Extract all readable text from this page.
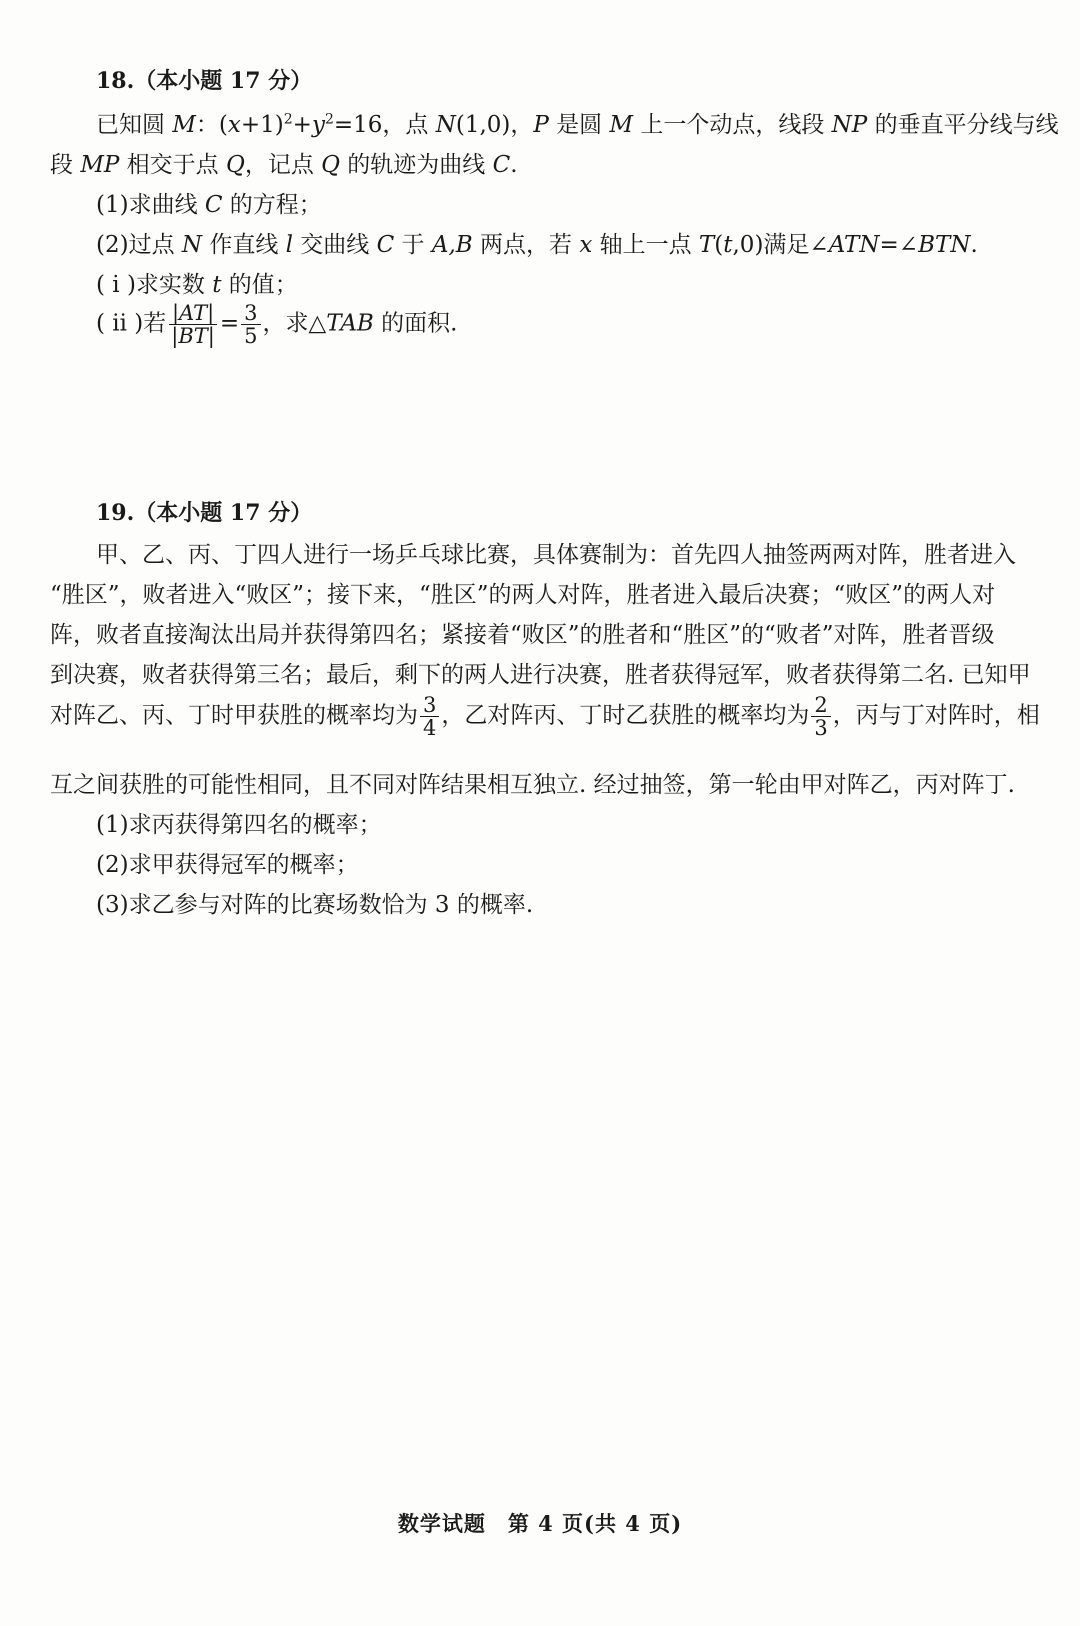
18.（本小题 17 分）
已知圆 M：$(x+1)^2+y^2=16$，点 N(1,0)，P 是圆 M 上一个动点，线段 NP 的垂直平分线与线
段 MP 相交于点 Q，记点 Q 的轨迹为曲线 C.
(1)求曲线 C 的方程；
(2)过点 N 作直线 l 交曲线 C 于 A,B 两点，若 x 轴上一点 T(t,0)满足∠ATN=∠BTN.
( ⅰ )求实数 t 的值；
( ⅱ )若 $\frac{|AT|}{|BT|} = \frac{3}{5}$ ，求△TAB 的面积.
19.（本小题 17 分）
甲、乙、丙、丁四人进行一场乒乓球比赛，具体赛制为：首先四人抽签两两对阵，胜者进入
“胜区”，败者进入“败区”；接下来，“胜区”的两人对阵，胜者进入最后决赛；“败区”的两人对
阵，败者直接淘汰出局并获得第四名；紧接着“败区”的胜者和“胜区”的“败者”对阵，胜者晋级
到决赛，败者获得第三名；最后，剩下的两人进行决赛，胜者获得冠军，败者获得第二名. 已知甲
对阵乙、丙、丁时甲获胜的概率均为 $\frac{3}{4}$ ，乙对阵丙、丁时乙获胜的概率均为 $\frac{2}{3}$ ，丙与丁对阵时，相
互之间获胜的可能性相同，且不同对阵结果相互独立. 经过抽签，第一轮由甲对阵乙，丙对阵丁.
(1)求丙获得第四名的概率；
(2)求甲获得冠军的概率；
(3)求乙参与对阵的比赛场数恰为 3 的概率.
数学试题　第 4 页(共 4 页)
